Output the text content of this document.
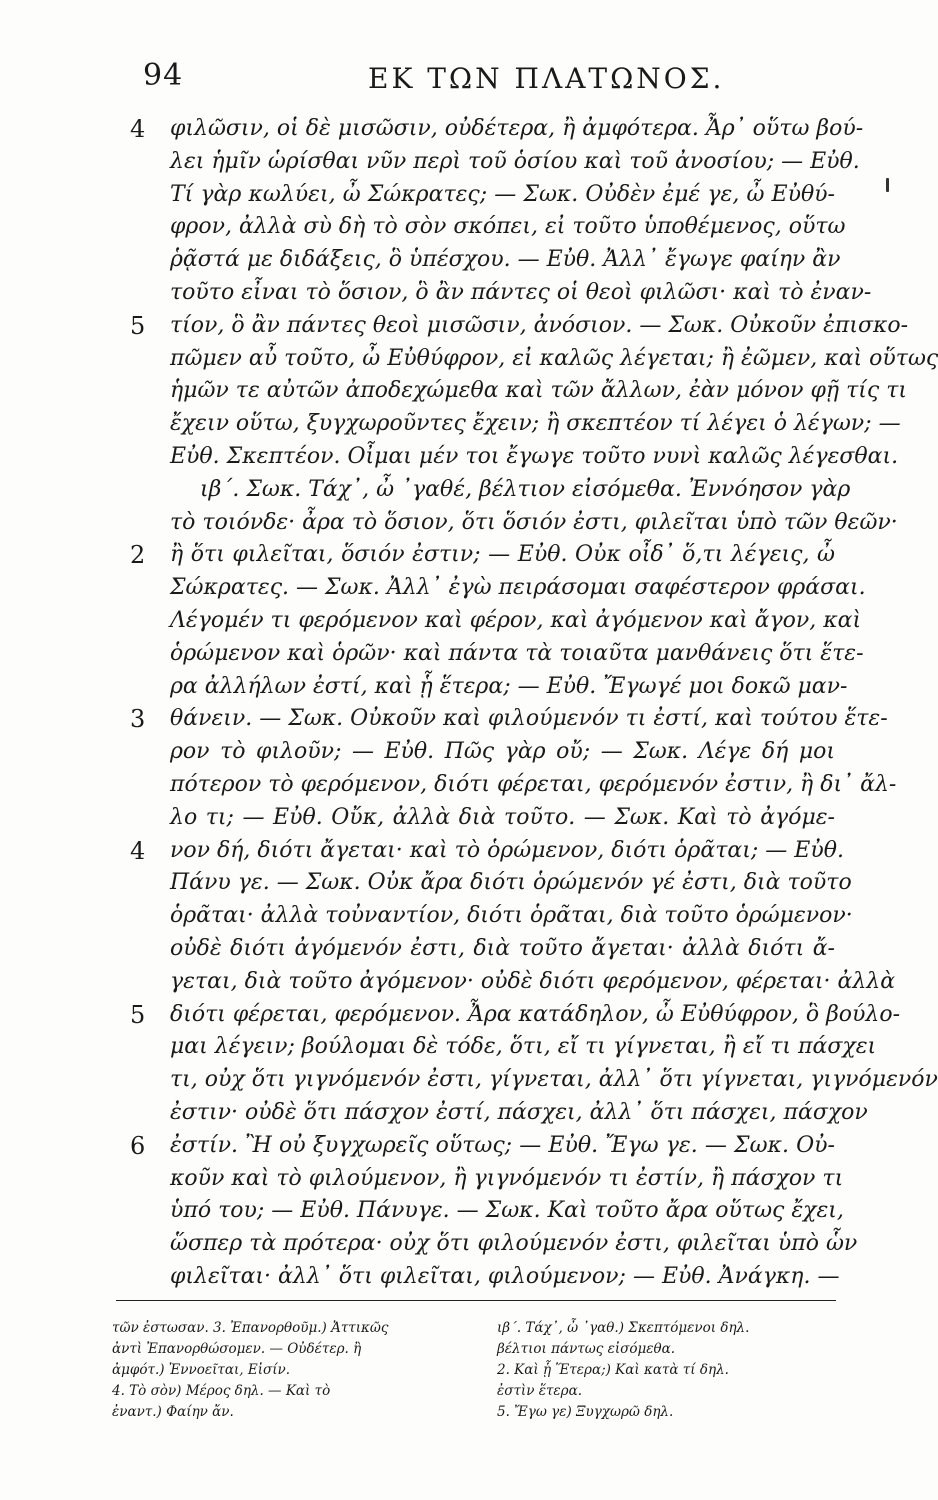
94	ΕΚ ΤΩΝ ΠΛΑΤΩΝΟΣ.
4 φιλῶσιν, οἱ δὲ μισῶσιν, οὐδέτερα, ἢ ἀμφότερα. Ἆρ᾽ οὕτω βού-
λει ἡμῖν ὡρίσθαι νῦν περὶ τοῦ ὁσίου καὶ τοῦ ἀνοσίου; — Εὐθ.
Τί γὰρ κωλύει, ὦ Σώκρατες; — Σωκ. Οὐδὲν ἐμέ γε, ὦ Εὐθύ-
φρον, ἀλλὰ σὺ δὴ τὸ σὸν σκόπει, εἰ τοῦτο ὑποθέμενος, οὕτω
ῥᾷστά με διδάξεις, ὃ ὑπέσχου. — Εὐθ. Ἀλλ᾽ ἔγωγε φαίην ἂν
τοῦτο εἶναι τὸ ὅσιον, ὃ ἂν πάντες οἱ θεοὶ φιλῶσι· καὶ τὸ ἐναν-
5 τίον, ὃ ἂν πάντες θεοὶ μισῶσιν, ἀνόσιον. — Σωκ. Οὐκοῦν ἐπισκο-
πῶμεν αὖ τοῦτο, ὦ Εὐθύφρον, εἰ καλῶς λέγεται; ἢ ἐῶμεν, καὶ οὕτως
ἡμῶν τε αὐτῶν ἀποδεχώμεθα καὶ τῶν ἄλλων, ἐὰν μόνον φῇ τίς τι
ἔχειν οὕτω, ξυγχωροῦντες ἔχειν; ἢ σκεπτέον τί λέγει ὁ λέγων; —
Εὐθ. Σκεπτέον. Οἶμαι μέν τοι ἔγωγε τοῦτο νυνὶ καλῶς λέγεσθαι.
ιβ΄. Σωκ. Τάχ᾽, ὦ ᾽γαθέ, βέλτιον εἰσόμεθα. Ἐννόησον γὰρ
τὸ τοιόνδε· ἆρα τὸ ὅσιον, ὅτι ὅσιόν ἐστι, φιλεῖται ὑπὸ τῶν θεῶν·
2 ἢ ὅτι φιλεῖται, ὅσιόν ἐστιν; — Εὐθ. Οὐκ οἶδ᾽ ὅ,τι λέγεις, ὦ
Σώκρατες. — Σωκ. Ἀλλ᾽ ἐγὼ πειράσομαι σαφέστερον φράσαι.
Λέγομέν τι φερόμενον καὶ φέρον, καὶ ἀγόμενον καὶ ἄγον, καὶ
ὁρώμενον καὶ ὁρῶν· καὶ πάντα τὰ τοιαῦτα μανθάνεις ὅτι ἕτε-
ρα ἀλλήλων ἐστί, καὶ ᾗ ἕτερα; — Εὐθ. Ἔγωγέ μοι δοκῶ μαν-
3 θάνειν. — Σωκ. Οὐκοῦν καὶ φιλούμενόν τι ἐστί, καὶ τούτου ἕτε-
ρον τὸ φιλοῦν; — Εὐθ. Πῶς γὰρ οὔ; — Σωκ. Λέγε δή μοι
πότερον τὸ φερόμενον, διότι φέρεται, φερόμενόν ἐστιν, ἢ δι᾽ ἄλ-
λο τι; — Εὐθ. Οὔκ, ἀλλὰ διὰ τοῦτο. — Σωκ. Καὶ τὸ ἀγόμε-
4 νον δή, διότι ἄγεται· καὶ τὸ ὁρώμενον, διότι ὁρᾶται; — Εὐθ.
Πάνυ γε. — Σωκ. Οὐκ ἄρα διότι ὁρώμενόν γέ ἐστι, διὰ τοῦτο
ὁρᾶται· ἀλλὰ τοὐναντίον, διότι ὁρᾶται, διὰ τοῦτο ὁρώμενον·
οὐδὲ διότι ἀγόμενόν ἐστι, διὰ τοῦτο ἄγεται· ἀλλὰ διότι ἄ-
γεται, διὰ τοῦτο ἀγόμενον· οὐδὲ διότι φερόμενον, φέρεται· ἀλλὰ
5 διότι φέρεται, φερόμενον. Ἆρα κατάδηλον, ὦ Εὐθύφρον, ὃ βούλο-
μαι λέγειν; βούλομαι δὲ τόδε, ὅτι, εἴ τι γίγνεται, ἢ εἴ τι πάσχει
τι, οὐχ ὅτι γιγνόμενόν ἐστι, γίγνεται, ἀλλ᾽ ὅτι γίγνεται, γιγνόμενόν
ἐστιν· οὐδὲ ὅτι πάσχον ἐστί, πάσχει, ἀλλ᾽ ὅτι πάσχει, πάσχον
6 ἐστίν. Ἢ οὐ ξυγχωρεῖς οὕτως; — Εὐθ. Ἔγω γε. — Σωκ. Οὐ-
κοῦν καὶ τὸ φιλούμενον, ἢ γιγνόμενόν τι ἐστίν, ἢ πάσχον τι
ὑπό του; — Εὐθ. Πάνυγε. — Σωκ. Καὶ τοῦτο ἄρα οὕτως ἔχει,
ὥσπερ τὰ πρότερα· οὐχ ὅτι φιλούμενόν ἐστι, φιλεῖται ὑπὸ ὧν
φιλεῖται· ἀλλ᾽ ὅτι φιλεῖται, φιλούμενον; — Εὐθ. Ἀνάγκη. —
τῶν ἐστωσαν. 3. Ἐπανορθοῦμ.) Ἀττικῶς
ἀντὶ Ἐπανορθώσομεν. — Οὐδέτερ. ἢ
ἀμφότ.) Ἐννοεῖται, Εἰσίν.
4. Τὸ σὸν) Μέρος δηλ. — Καὶ τὸ
ἐναντ.) Φαίην ἄν.
ιβ΄. Τάχ᾽, ὦ ᾽γαθ.) Σκεπτόμενοι δηλ.
βέλτιοι πάντως εἰσόμεθα.
2. Καὶ ᾗ Ἕτερα;) Καὶ κατὰ τί δηλ.
ἐστὶν ἕτερα.
5. Ἔγω γε) Ξυγχωρῶ δηλ.
